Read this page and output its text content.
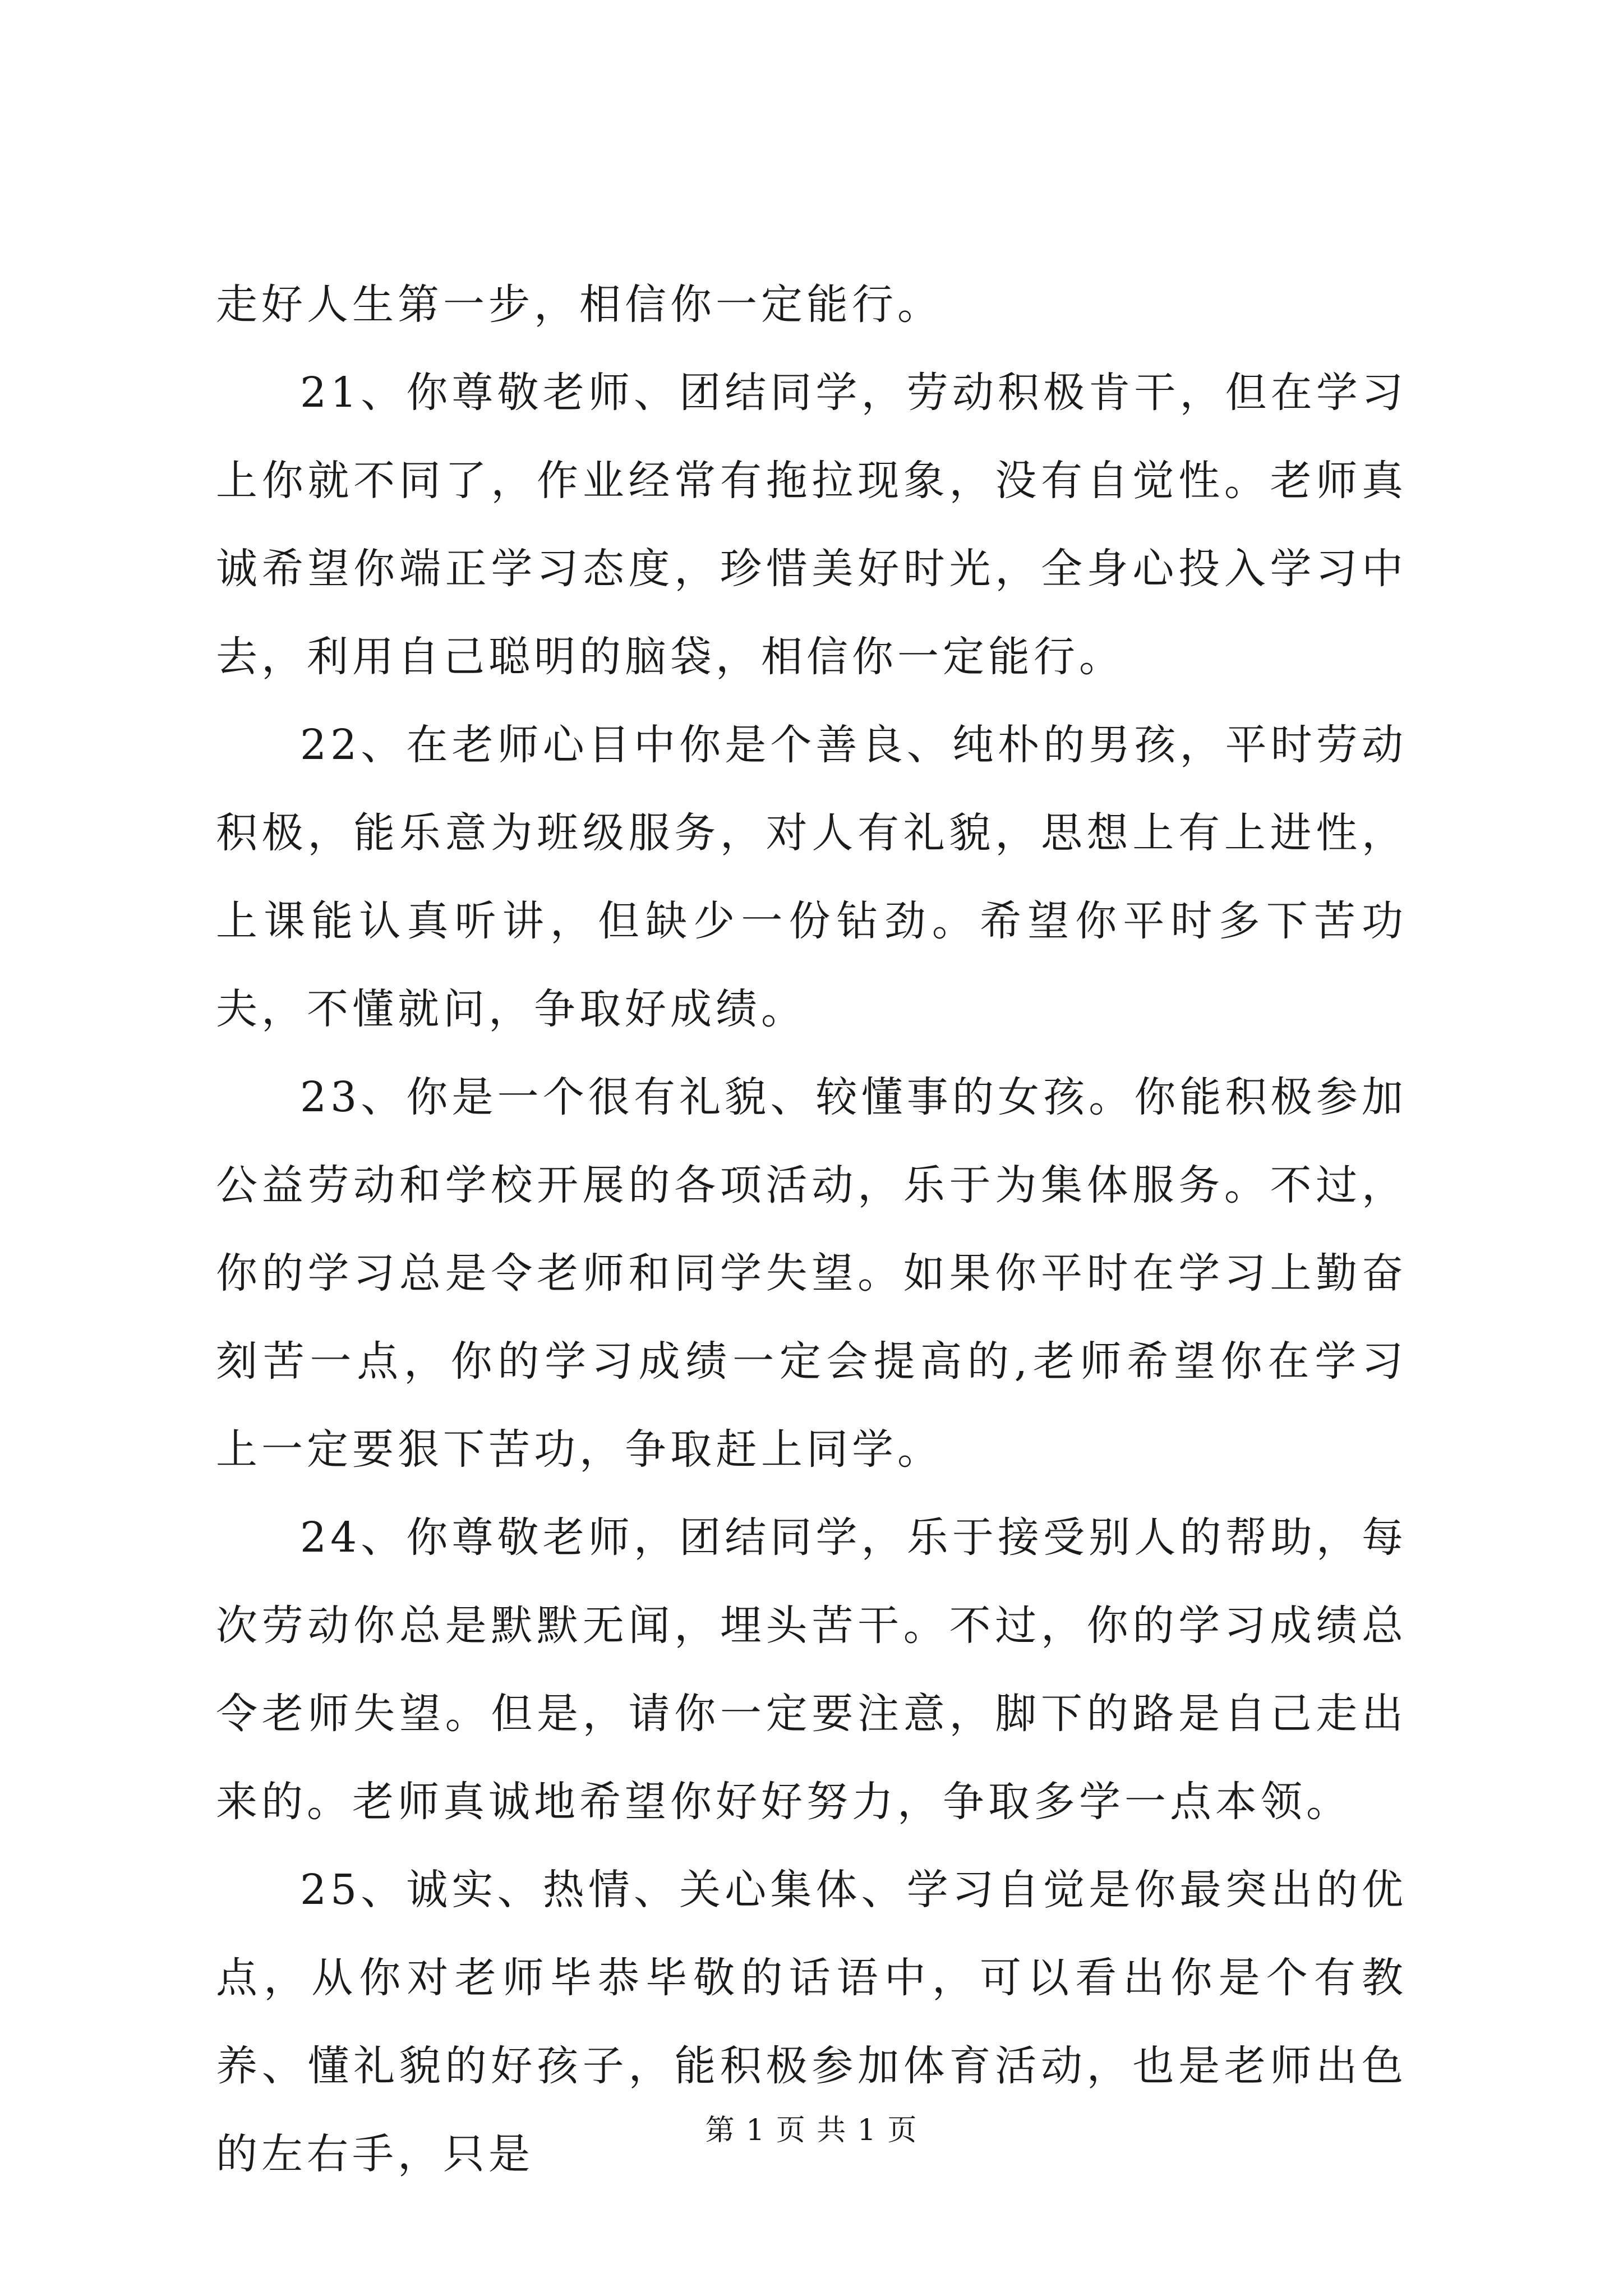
走好人生第一步，相信你一定能行。

21、你尊敬老师、团结同学，劳动积极肯干，但在学习上你就不同了，作业经常有拖拉现象，没有自觉性。老师真诚希望你端正学习态度，珍惜美好时光，全身心投入学习中去，利用自己聪明的脑袋，相信你一定能行。

22、在老师心目中你是个善良、纯朴的男孩，平时劳动积极，能乐意为班级服务，对人有礼貌，思想上有上进性，上课能认真听讲，但缺少一份钻劲。希望你平时多下苦功夫，不懂就问，争取好成绩。

23、你是一个很有礼貌、较懂事的女孩。你能积极参加公益劳动和学校开展的各项活动，乐于为集体服务。不过，你的学习总是令老师和同学失望。如果你平时在学习上勤奋刻苦一点，你的学习成绩一定会提高的,老师希望你在学习上一定要狠下苦功，争取赶上同学。

24、你尊敬老师，团结同学，乐于接受别人的帮助，每次劳动你总是默默无闻，埋头苦干。不过，你的学习成绩总令老师失望。但是，请你一定要注意，脚下的路是自己走出来的。老师真诚地希望你好好努力，争取多学一点本领。

25、诚实、热情、关心集体、学习自觉是你最突出的优点，从你对老师毕恭毕敬的话语中，可以看出你是个有教养、懂礼貌的好孩子，能积极参加体育活动，也是老师出色的左右手，只是	第 1 页 共 1 页
